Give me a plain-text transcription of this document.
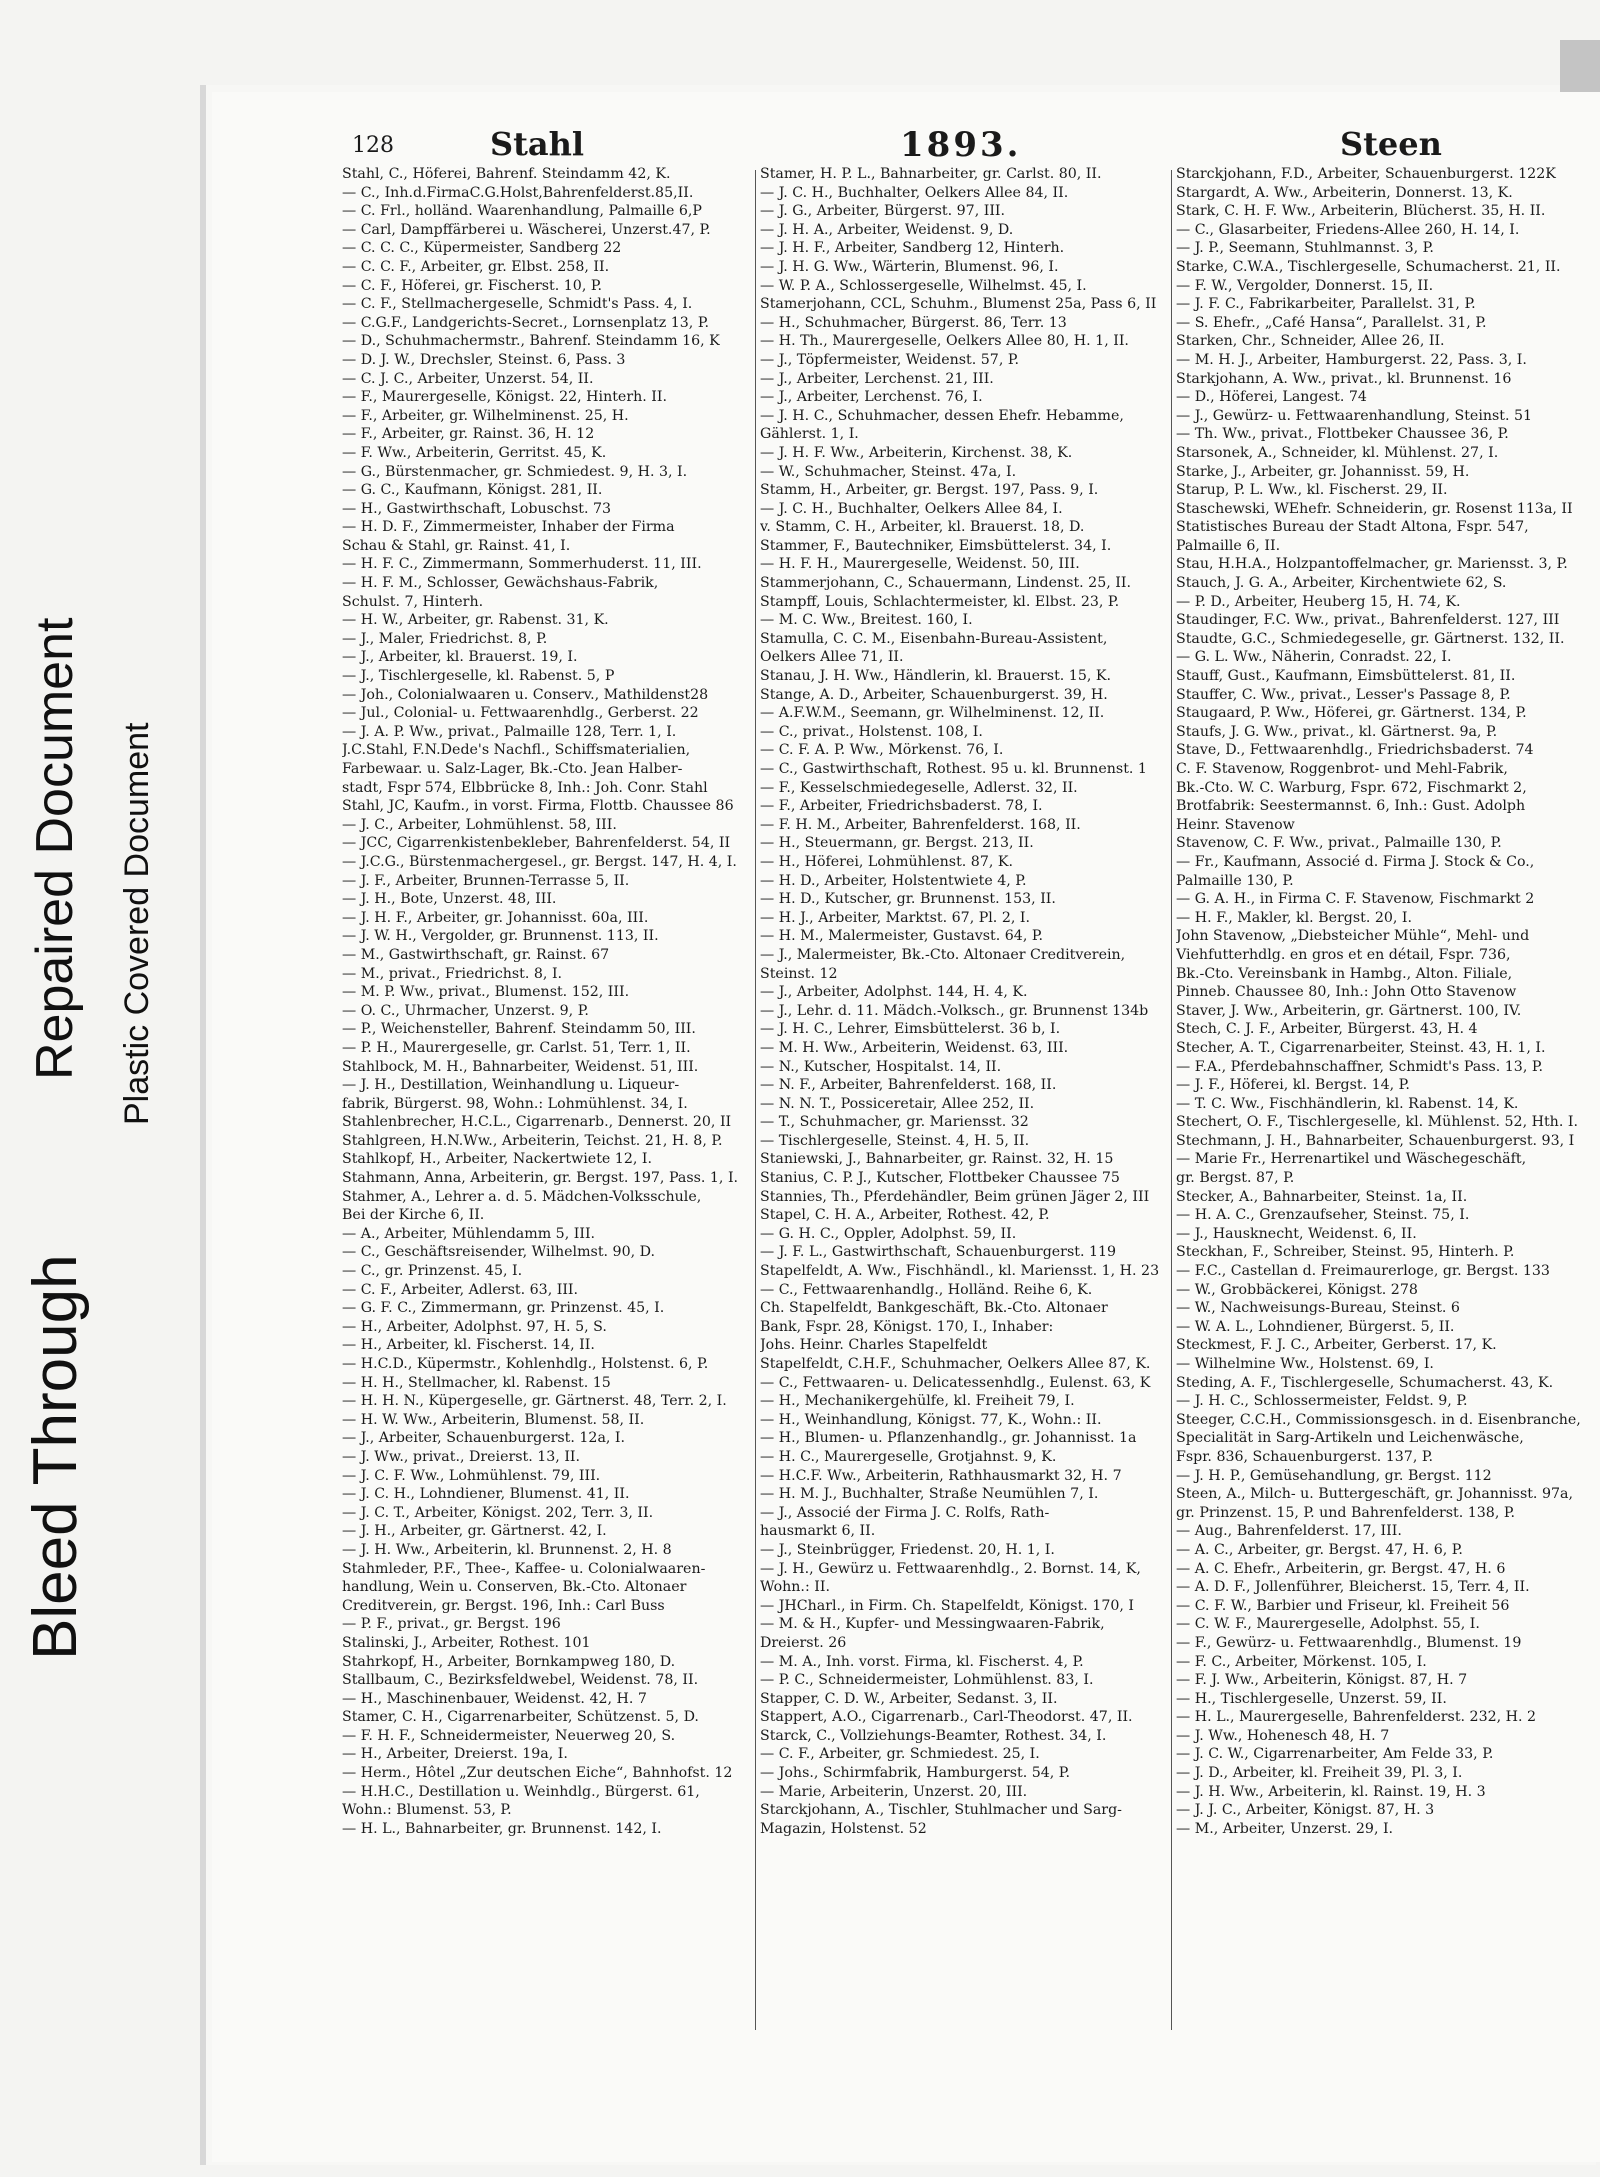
Bleed Through
Repaired Document Plastic Covered Document
128	Stahl	1893.	Steen
Stahl, C., Höferei, Bahrenf. Steindamm 42, K.
— C., Inh.d.FirmaC.G.Holst,Bahrenfelderst.85,II.
— C. Frl., holländ. Waarenhandlung, Palmaille 6,P
— Carl, Dampffärberei u. Wäscherei, Unzerst.47, P.
— C. C. C., Küpermeister, Sandberg 22
— C. C. F., Arbeiter, gr. Elbst. 258, II.
— C. F., Höferei, gr. Fischerst. 10, P.
— C. F., Stellmachergeselle, Schmidt's Pass. 4, I.
— C.G.F., Landgerichts-Secret., Lornsenplatz 13, P.
— D., Schuhmachermstr., Bahrenf. Steindamm 16, K
— D. J. W., Drechsler, Steinst. 6, Pass. 3
— C. J. C., Arbeiter, Unzerst. 54, II.
— F., Maurergeselle, Königst. 22, Hinterh. II.
— F., Arbeiter, gr. Wilhelminenst. 25, H.
— F., Arbeiter, gr. Rainst. 36, H. 12
— F. Ww., Arbeiterin, Gerritst. 45, K.
— G., Bürstenmacher, gr. Schmiedest. 9, H. 3, I.
— G. C., Kaufmann, Königst. 281, II.
— H., Gastwirthschaft, Lobuschst. 73
— H. D. F., Zimmermeister, Inhaber der Firma
Schau & Stahl, gr. Rainst. 41, I.
— H. F. C., Zimmermann, Sommerhuderst. 11, III.
— H. F. M., Schlosser, Gewächshaus-Fabrik,
Schulst. 7, Hinterh.
— H. W., Arbeiter, gr. Rabenst. 31, K.
— J., Maler, Friedrichst. 8, P.
— J., Arbeiter, kl. Brauerst. 19, I.
— J., Tischlergeselle, kl. Rabenst. 5, P
— Joh., Colonialwaaren u. Conserv., Mathildenst28
— Jul., Colonial- u. Fettwaarenhdlg., Gerberst. 22
— J. A. P. Ww., privat., Palmaille 128, Terr. 1, I.
J.C.Stahl, F.N.Dede's Nachfl., Schiffsmaterialien,
Farbewaar. u. Salz-Lager, Bk.-Cto. Jean Halber-
stadt, Fspr 574, Elbbrücke 8, Inh.: Joh. Conr. Stahl
Stahl, JC, Kaufm., in vorst. Firma, Flottb. Chaussee 86
— J. C., Arbeiter, Lohmühlenst. 58, III.
— JCC, Cigarrenkistenbekleber, Bahrenfelderst. 54, II
— J.C.G., Bürstenmachergesel., gr. Bergst. 147, H. 4, I.
— J. F., Arbeiter, Brunnen-Terrasse 5, II.
— J. H., Bote, Unzerst. 48, III.
— J. H. F., Arbeiter, gr. Johannisst. 60a, III.
— J. W. H., Vergolder, gr. Brunnenst. 113, II.
— M., Gastwirthschaft, gr. Rainst. 67
— M., privat., Friedrichst. 8, I.
— M. P. Ww., privat., Blumenst. 152, III.
— O. C., Uhrmacher, Unzerst. 9, P.
— P., Weichensteller, Bahrenf. Steindamm 50, III.
— P. H., Maurergeselle, gr. Carlst. 51, Terr. 1, II.
Stahlbock, M. H., Bahnarbeiter, Weidenst. 51, III.
— J. H., Destillation, Weinhandlung u. Liqueur-
fabrik, Bürgerst. 98, Wohn.: Lohmühlenst. 34, I.
Stahlenbrecher, H.C.L., Cigarrenarb., Dennerst. 20, II
Stahlgreen, H.N.Ww., Arbeiterin, Teichst. 21, H. 8, P.
Stahlkopf, H., Arbeiter, Nackertwiete 12, I.
Stahmann, Anna, Arbeiterin, gr. Bergst. 197, Pass. 1, I.
Stahmer, A., Lehrer a. d. 5. Mädchen-Volksschule,
Bei der Kirche 6, II.
— A., Arbeiter, Mühlendamm 5, III.
— C., Geschäftsreisender, Wilhelmst. 90, D.
— C., gr. Prinzenst. 45, I.
— C. F., Arbeiter, Adlerst. 63, III.
— G. F. C., Zimmermann, gr. Prinzenst. 45, I.
— H., Arbeiter, Adolphst. 97, H. 5, S.
— H., Arbeiter, kl. Fischerst. 14, II.
— H.C.D., Küpermstr., Kohlenhdlg., Holstenst. 6, P.
— H. H., Stellmacher, kl. Rabenst. 15
— H. H. N., Küpergeselle, gr. Gärtnerst. 48, Terr. 2, I.
— H. W. Ww., Arbeiterin, Blumenst. 58, II.
— J., Arbeiter, Schauenburgerst. 12a, I.
— J. Ww., privat., Dreierst. 13, II.
— J. C. F. Ww., Lohmühlenst. 79, III.
— J. C. H., Lohndiener, Blumenst. 41, II.
— J. C. T., Arbeiter, Königst. 202, Terr. 3, II.
— J. H., Arbeiter, gr. Gärtnerst. 42, I.
— J. H. Ww., Arbeiterin, kl. Brunnenst. 2, H. 8
Stahmleder, P.F., Thee-, Kaffee- u. Colonialwaaren-
handlung, Wein u. Conserven, Bk.-Cto. Altonaer
Creditverein, gr. Bergst. 196, Inh.: Carl Buss
— P. F., privat., gr. Bergst. 196
Stalinski, J., Arbeiter, Rothest. 101
Stahrkopf, H., Arbeiter, Bornkampweg 180, D.
Stallbaum, C., Bezirksfeldwebel, Weidenst. 78, II.
— H., Maschinenbauer, Weidenst. 42, H. 7
Stamer, C. H., Cigarrenarbeiter, Schützenst. 5, D.
— F. H. F., Schneidermeister, Neuerweg 20, S.
— H., Arbeiter, Dreierst. 19a, I.
— Herm., Hôtel „Zur deutschen Eiche“, Bahnhofst. 12
— H.H.C., Destillation u. Weinhdlg., Bürgerst. 61,
Wohn.: Blumenst. 53, P.
— H. L., Bahnarbeiter, gr. Brunnenst. 142, I.
Stamer, H. P. L., Bahnarbeiter, gr. Carlst. 80, II.
— J. C. H., Buchhalter, Oelkers Allee 84, II.
— J. G., Arbeiter, Bürgerst. 97, III.
— J. H. A., Arbeiter, Weidenst. 9, D.
— J. H. F., Arbeiter, Sandberg 12, Hinterh.
— J. H. G. Ww., Wärterin, Blumenst. 96, I.
— W. P. A., Schlossergeselle, Wilhelmst. 45, I.
Stamerjohann, CCL, Schuhm., Blumenst 25a, Pass 6, II
— H., Schuhmacher, Bürgerst. 86, Terr. 13
— H. Th., Maurergeselle, Oelkers Allee 80, H. 1, II.
— J., Töpfermeister, Weidenst. 57, P.
— J., Arbeiter, Lerchenst. 21, III.
— J., Arbeiter, Lerchenst. 76, I.
— J. H. C., Schuhmacher, dessen Ehefr. Hebamme,
Gählerst. 1, I.
— J. H. F. Ww., Arbeiterin, Kirchenst. 38, K.
— W., Schuhmacher, Steinst. 47a, I.
Stamm, H., Arbeiter, gr. Bergst. 197, Pass. 9, I.
— J. C. H., Buchhalter, Oelkers Allee 84, I.
v. Stamm, C. H., Arbeiter, kl. Brauerst. 18, D.
Stammer, F., Bautechniker, Eimsbüttelerst. 34, I.
— H. F. H., Maurergeselle, Weidenst. 50, III.
Stammerjohann, C., Schauermann, Lindenst. 25, II.
Stampff, Louis, Schlachtermeister, kl. Elbst. 23, P.
— M. C. Ww., Breitest. 160, I.
Stamulla, C. C. M., Eisenbahn-Bureau-Assistent,
Oelkers Allee 71, II.
Stanau, J. H. Ww., Händlerin, kl. Brauerst. 15, K.
Stange, A. D., Arbeiter, Schauenburgerst. 39, H.
— A.F.W.M., Seemann, gr. Wilhelminenst. 12, II.
— C., privat., Holstenst. 108, I.
— C. F. A. P. Ww., Mörkenst. 76, I.
— C., Gastwirthschaft, Rothest. 95 u. kl. Brunnenst. 1
— F., Kesselschmiedegeselle, Adlerst. 32, II.
— F., Arbeiter, Friedrichsbaderst. 78, I.
— F. H. M., Arbeiter, Bahrenfelderst. 168, II.
— H., Steuermann, gr. Bergst. 213, II.
— H., Höferei, Lohmühlenst. 87, K.
— H. D., Arbeiter, Holstentwiete 4, P.
— H. D., Kutscher, gr. Brunnenst. 153, II.
— H. J., Arbeiter, Marktst. 67, Pl. 2, I.
— H. M., Malermeister, Gustavst. 64, P.
— J., Malermeister, Bk.-Cto. Altonaer Creditverein,
Steinst. 12
— J., Arbeiter, Adolphst. 144, H. 4, K.
— J., Lehr. d. 11. Mädch.-Volksch., gr. Brunnenst 134b
— J. H. C., Lehrer, Eimsbüttelerst. 36 b, I.
— M. H. Ww., Arbeiterin, Weidenst. 63, III.
— N., Kutscher, Hospitalst. 14, II.
— N. F., Arbeiter, Bahrenfelderst. 168, II.
— N. N. T., Possiceretair, Allee 252, II.
— T., Schuhmacher, gr. Mariensst. 32
— Tischlergeselle, Steinst. 4, H. 5, II.
Staniewski, J., Bahnarbeiter, gr. Rainst. 32, H. 15
Stanius, C. P. J., Kutscher, Flottbeker Chaussee 75
Stannies, Th., Pferdehändler, Beim grünen Jäger 2, III
Stapel, C. H. A., Arbeiter, Rothest. 42, P.
— G. H. C., Oppler, Adolphst. 59, II.
— J. F. L., Gastwirthschaft, Schauenburgerst. 119
Stapelfeldt, A. Ww., Fischhändl., kl. Mariensst. 1, H. 23
— C., Fettwaarenhandlg., Holländ. Reihe 6, K.
Ch. Stapelfeldt, Bankgeschäft, Bk.-Cto. Altonaer
Bank, Fspr. 28, Königst. 170, I., Inhaber:
Johs. Heinr. Charles Stapelfeldt
Stapelfeldt, C.H.F., Schuhmacher, Oelkers Allee 87, K.
— C., Fettwaaren- u. Delicatessenhdlg., Eulenst. 63, K
— H., Mechanikergehülfe, kl. Freiheit 79, I.
— H., Weinhandlung, Königst. 77, K., Wohn.: II.
— H., Blumen- u. Pflanzenhandlg., gr. Johannisst. 1a
— H. C., Maurergeselle, Grotjahnst. 9, K.
— H.C.F. Ww., Arbeiterin, Rathhausmarkt 32, H. 7
— H. M. J., Buchhalter, Straße Neumühlen 7, I.
— J., Associé der Firma J. C. Rolfs, Rath-
hausmarkt 6, II.
— J., Steinbrügger, Friedenst. 20, H. 1, I.
— J. H., Gewürz u. Fettwaarenhdlg., 2. Bornst. 14, K,
Wohn.: II.
— JHCharl., in Firm. Ch. Stapelfeldt, Königst. 170, I
— M. & H., Kupfer- und Messingwaaren-Fabrik,
Dreierst. 26
— M. A., Inh. vorst. Firma, kl. Fischerst. 4, P.
— P. C., Schneidermeister, Lohmühlenst. 83, I.
Stapper, C. D. W., Arbeiter, Sedanst. 3, II.
Stappert, A.O., Cigarrenarb., Carl-Theodorst. 47, II.
Starck, C., Vollziehungs-Beamter, Rothest. 34, I.
— C. F., Arbeiter, gr. Schmiedest. 25, I.
— Johs., Schirmfabrik, Hamburgerst. 54, P.
— Marie, Arbeiterin, Unzerst. 20, III.
Starckjohann, A., Tischler, Stuhlmacher und Sarg-
Magazin, Holstenst. 52
Starckjohann, F.D., Arbeiter, Schauenburgerst. 122K
Stargardt, A. Ww., Arbeiterin, Donnerst. 13, K.
Stark, C. H. F. Ww., Arbeiterin, Blücherst. 35, H. II.
— C., Glasarbeiter, Friedens-Allee 260, H. 14, I.
— J. P., Seemann, Stuhlmannst. 3, P.
Starke, C.W.A., Tischlergeselle, Schumacherst. 21, II.
— F. W., Vergolder, Donnerst. 15, II.
— J. F. C., Fabrikarbeiter, Parallelst. 31, P.
— S. Ehefr., „Café Hansa“, Parallelst. 31, P.
Starken, Chr., Schneider, Allee 26, II.
— M. H. J., Arbeiter, Hamburgerst. 22, Pass. 3, I.
Starkjohann, A. Ww., privat., kl. Brunnenst. 16
— D., Höferei, Langest. 74
— J., Gewürz- u. Fettwaarenhandlung, Steinst. 51
— Th. Ww., privat., Flottbeker Chaussee 36, P.
Starsonek, A., Schneider, kl. Mühlenst. 27, I.
Starke, J., Arbeiter, gr. Johannisst. 59, H.
Starup, P. L. Ww., kl. Fischerst. 29, II.
Staschewski, WEhefr. Schneiderin, gr. Rosenst 113a, II
Statistisches Bureau der Stadt Altona, Fspr. 547,
Palmaille 6, II.
Stau, H.H.A., Holzpantoffelmacher, gr. Mariensst. 3, P.
Stauch, J. G. A., Arbeiter, Kirchentwiete 62, S.
— P. D., Arbeiter, Heuberg 15, H. 74, K.
Staudinger, F.C. Ww., privat., Bahrenfelderst. 127, III
Staudte, G.C., Schmiedegeselle, gr. Gärtnerst. 132, II.
— G. L. Ww., Näherin, Conradst. 22, I.
Stauff, Gust., Kaufmann, Eimsbüttelerst. 81, II.
Stauffer, C. Ww., privat., Lesser's Passage 8, P.
Staugaard, P. Ww., Höferei, gr. Gärtnerst. 134, P.
Staufs, J. G. Ww., privat., kl. Gärtnerst. 9a, P.
Stave, D., Fettwaarenhdlg., Friedrichsbaderst. 74
C. F. Stavenow, Roggenbrot- und Mehl-Fabrik,
Bk.-Cto. W. C. Warburg, Fspr. 672, Fischmarkt 2,
Brotfabrik: Seestermannst. 6, Inh.: Gust. Adolph
Heinr. Stavenow
Stavenow, C. F. Ww., privat., Palmaille 130, P.
— Fr., Kaufmann, Associé d. Firma J. Stock & Co.,
Palmaille 130, P.
— G. A. H., in Firma C. F. Stavenow, Fischmarkt 2
— H. F., Makler, kl. Bergst. 20, I.
John Stavenow, „Diebsteicher Mühle“, Mehl- und
Viehfutterhdlg. en gros et en détail, Fspr. 736,
Bk.-Cto. Vereinsbank in Hambg., Alton. Filiale,
Pinneb. Chaussee 80, Inh.: John Otto Stavenow
Staver, J. Ww., Arbeiterin, gr. Gärtnerst. 100, IV.
Stech, C. J. F., Arbeiter, Bürgerst. 43, H. 4
Stecher, A. T., Cigarrenarbeiter, Steinst. 43, H. 1, I.
— F.A., Pferdebahnschaffner, Schmidt's Pass. 13, P.
— J. F., Höferei, kl. Bergst. 14, P.
— T. C. Ww., Fischhändlerin, kl. Rabenst. 14, K.
Stechert, O. F., Tischlergeselle, kl. Mühlenst. 52, Hth. I.
Stechmann, J. H., Bahnarbeiter, Schauenburgerst. 93, I
— Marie Fr., Herrenartikel und Wäschegeschäft,
gr. Bergst. 87, P.
Stecker, A., Bahnarbeiter, Steinst. 1a, II.
— H. A. C., Grenzaufseher, Steinst. 75, I.
— J., Hausknecht, Weidenst. 6, II.
Steckhan, F., Schreiber, Steinst. 95, Hinterh. P.
— F.C., Castellan d. Freimaurerloge, gr. Bergst. 133
— W., Grobbäckerei, Königst. 278
— W., Nachweisungs-Bureau, Steinst. 6
— W. A. L., Lohndiener, Bürgerst. 5, II.
Steckmest, F. J. C., Arbeiter, Gerberst. 17, K.
— Wilhelmine Ww., Holstenst. 69, I.
Steding, A. F., Tischlergeselle, Schumacherst. 43, K.
— J. H. C., Schlossermeister, Feldst. 9, P.
Steeger, C.C.H., Commissionsgesch. in d. Eisenbranche,
Specialität in Sarg-Artikeln und Leichenwäsche,
Fspr. 836, Schauenburgerst. 137, P.
— J. H. P., Gemüsehandlung, gr. Bergst. 112
Steen, A., Milch- u. Buttergeschäft, gr. Johannisst. 97a,
gr. Prinzenst. 15, P. und Bahrenfelderst. 138, P.
— Aug., Bahrenfelderst. 17, III.
— A. C., Arbeiter, gr. Bergst. 47, H. 6, P.
— A. C. Ehefr., Arbeiterin, gr. Bergst. 47, H. 6
— A. D. F., Jollenführer, Bleicherst. 15, Terr. 4, II.
— C. F. W., Barbier und Friseur, kl. Freiheit 56
— C. W. F., Maurergeselle, Adolphst. 55, I.
— F., Gewürz- u. Fettwaarenhdlg., Blumenst. 19
— F. C., Arbeiter, Mörkenst. 105, I.
— F. J. Ww., Arbeiterin, Königst. 87, H. 7
— H., Tischlergeselle, Unzerst. 59, II.
— H. L., Maurergeselle, Bahrenfelderst. 232, H. 2
— J. Ww., Hohenesch 48, H. 7
— J. C. W., Cigarrenarbeiter, Am Felde 33, P.
— J. D., Arbeiter, kl. Freiheit 39, Pl. 3, I.
— J. H. Ww., Arbeiterin, kl. Rainst. 19, H. 3
— J. J. C., Arbeiter, Königst. 87, H. 3
— M., Arbeiter, Unzerst. 29, I.
